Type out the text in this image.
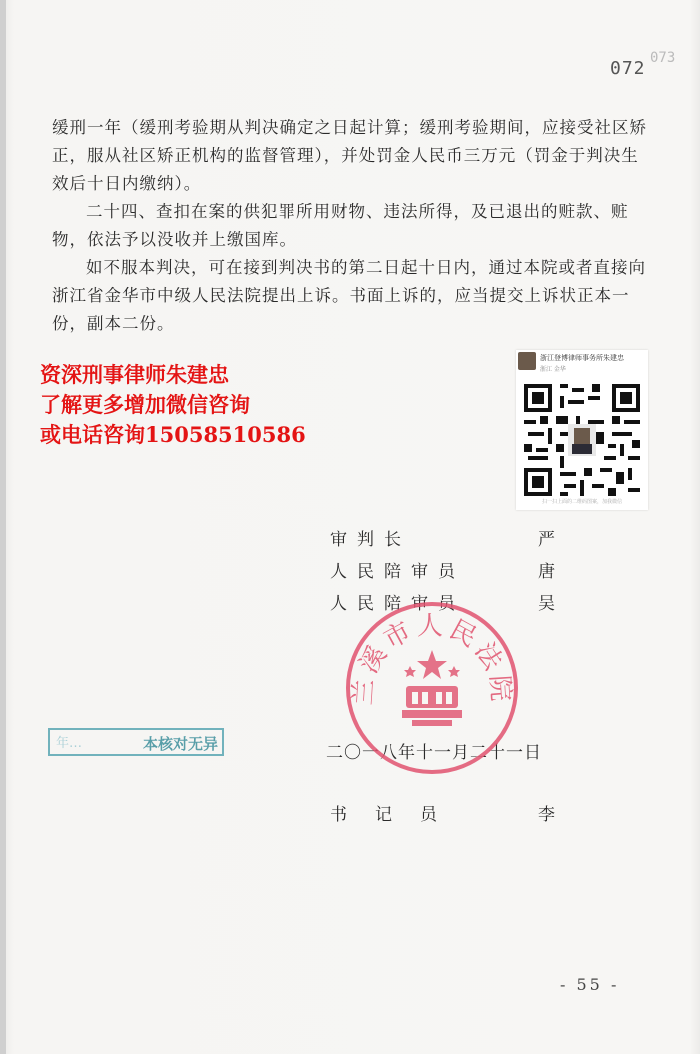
073
072

缓刑一年（缓刑考验期从判决确定之日起计算；缓刑考验期间，应接受社区矫正，服从社区矫正机构的监督管理），并处罚金人民币三万元（罚金于判决生效后十日内缴纳）。

二十四、查扣在案的供犯罪所用财物、违法所得，及已退出的赃款、赃物，依法予以没收并上缴国库。

如不服本判决，可在接到判决书的第二日起十日内，通过本院或者直接向浙江省金华市中级人民法院提出上诉。书面上诉的，应当提交上诉状正本一份，副本二份。

资深刑事律师朱建忠
了解更多增加微信咨询
或电话咨询15058510586
浙江登博律师事务所朱建忠
浙江 金华
扫一扫上面的二维码图案，加我微信
审判长	严
人民陪审员	唐
人民陪审员	吴
二〇一八年十一月二十一日
兰溪市人民法院
年…	本核对无异
书记员	李
- 55 -
